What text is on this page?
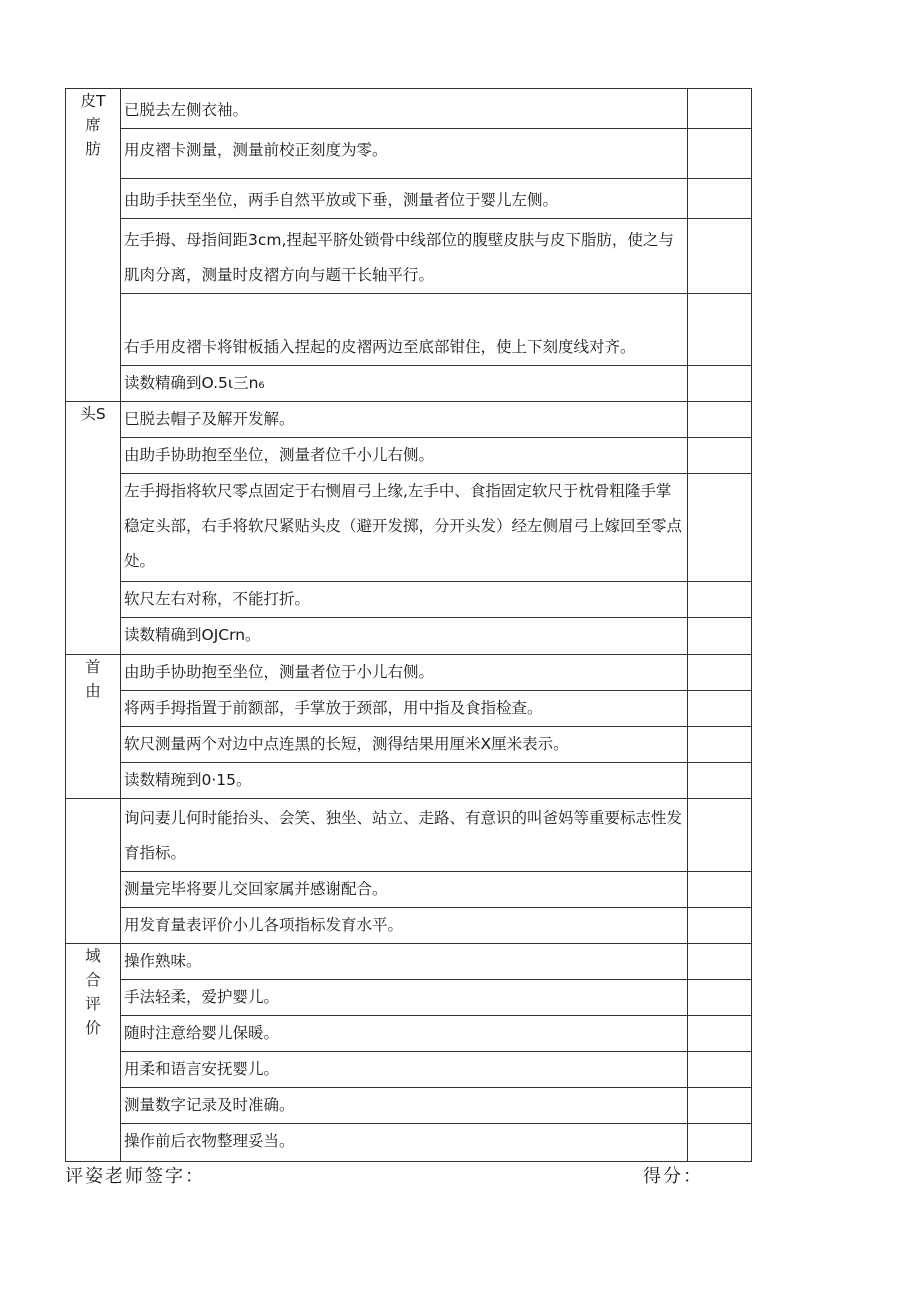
皮T
席
肪	已脱去左侧衣袖。	

	用皮褶卡测量，测量前校正刻度为零。	

	由助手扶至坐位，两手自然平放或下垂，测量者位于婴儿左侧。	

	左手拇、母指间距3cm,捏起平脐处锁骨中线部位的腹壁皮肤与皮下脂肪，使之与肌肉分离，测量时皮褶方向与题干长轴平行。	

	右手用皮褶卡将钳板插入捏起的皮褶两边至底部钳住，使上下刻度线对齐。	

	读数精确到O.5ι三n₆	

头S	巳脱去帽子及解开发解。	

	由助手协助抱至坐位，测量者位千小儿右侧。	

	左手拇指将软尺零点固定于右恻眉弓上缘,左手中、食指固定软尺于枕骨粗隆手掌稳定头部，右手将软尺紧贴头皮（避开发掷，分开头发）经左侧眉弓上嫁回至零点处。	

	软尺左右对称，不能打折。	

	读数精确到OJCrn。	

首
由	由助手协助抱至坐位，测量者位于小儿右侧。	

	将两手拇指置于前额部，手掌放于颈部，用中指及食指检查。	

	软尺测量两个对边中点连黑的长短，测得结果用厘米X厘米表示。	

	读数精琬到0·15。	

	询问妻儿何时能抬头、会笑、独坐、站立、走路、有意识的叫爸妈等重要标志性发育指标。	

	测量完毕将要儿交回家属并感谢配合。	

	用发育量表评价小儿各项指标发育水平。	

域
合
评
价	操作熟味。	

	手法轻柔，爱护婴儿。	

	随时注意给婴儿保暖。	

	用柔和语言安抚婴儿。	

	测量数字记录及时准确。	

	操作前后衣物整理妥当。	

评姿老师签字：	得分：
